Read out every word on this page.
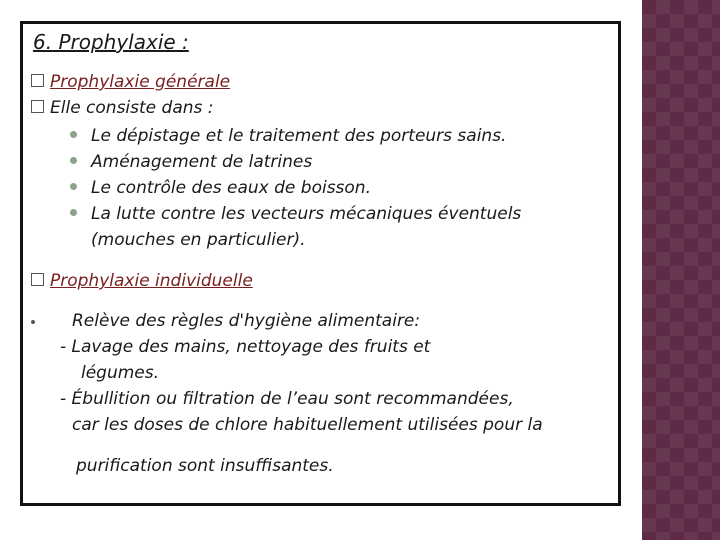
6. Prophylaxie :
Prophylaxie générale
Elle consiste dans :
Le dépistage et le traitement des porteurs sains.
Aménagement de latrines
Le contrôle des eaux de boisson.
La lutte contre les vecteurs mécaniques éventuels
(mouches en particulier).
Prophylaxie individuelle
Relève des règles d'hygiène alimentaire:
- Lavage des mains, nettoyage des fruits et
légumes.
- Ébullition ou filtration de l’eau sont recommandées,
car les doses de chlore habituellement utilisées pour la
purification sont insuffisantes.
